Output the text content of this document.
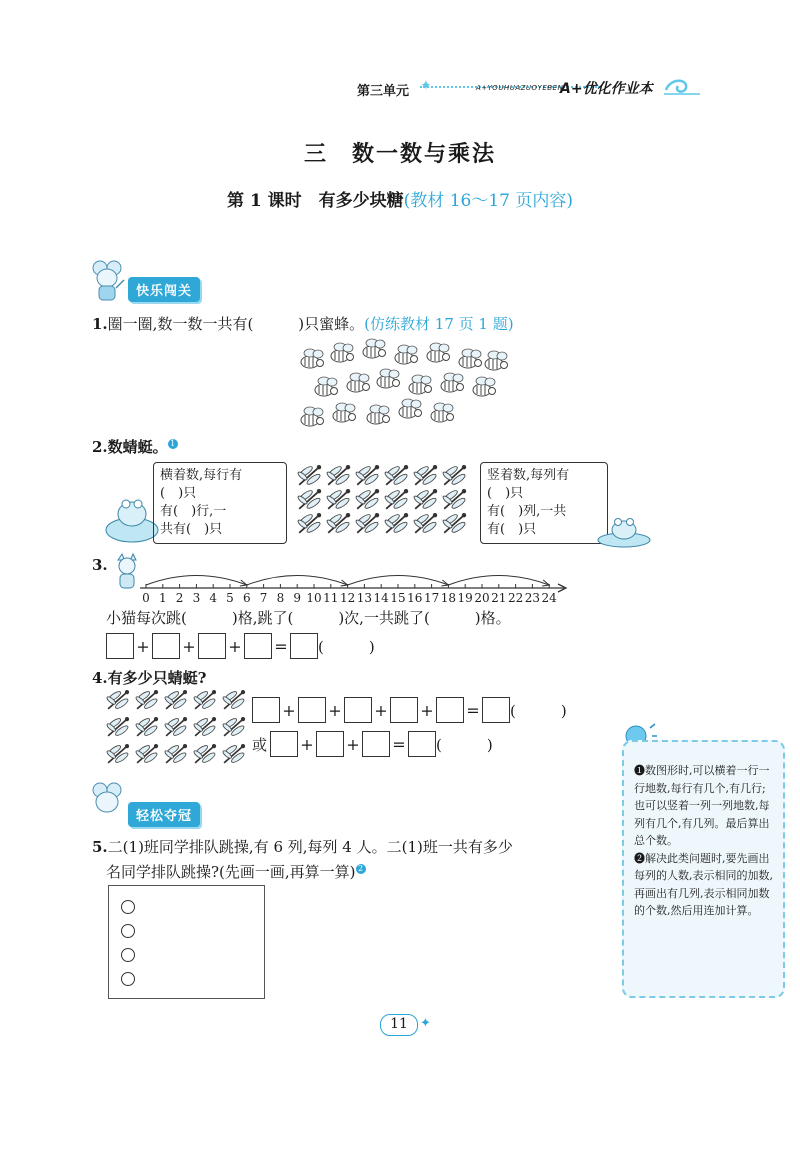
第三单元 ✦	A+YOUHUAZUOYEBEN
A+优化作业本
三　数一数与乘法
第 1 课时　有多少块糖(教材 16～17 页内容)
快乐闯关
1.圈一圈,数一数一共有(　　　)只蜜蜂。(仿练教材 17 页 1 题)
2.数蜻蜓。 1
横着数,每行有
(　)只
有(　)行,一
共有(　)只
竖着数,每列有
(　)只
有(　)列,一共
有(　)只
3.
0 1 2 3 4 5 6 7 8 9 10 11 12 13 14 15 16 17 18 19 20 21 22 23 24
小猫每次跳(　　　)格,跳了(　　　)次,一共跳了(　　　)格。
+ + + = (　　　)
4.有多少只蜻蜓?
+ + + + = (　　　)
或 + + = (　　　)
轻松夺冠
5.二(1)班同学排队跳操,有 6 列,每列 4 人。二(1)班一共有多少
名同学排队跳操?(先画一画,再算一算) 2
❶数图形时,可以横着一行一行地数,每行有几个,有几行;也可以竖着一列一列地数,每列有几个,有几列。最后算出总个数。
❷解决此类问题时,要先画出每列的人数,表示相同的加数,再画出有几列,表示相同加数的个数,然后用连加计算。
11 ✦
